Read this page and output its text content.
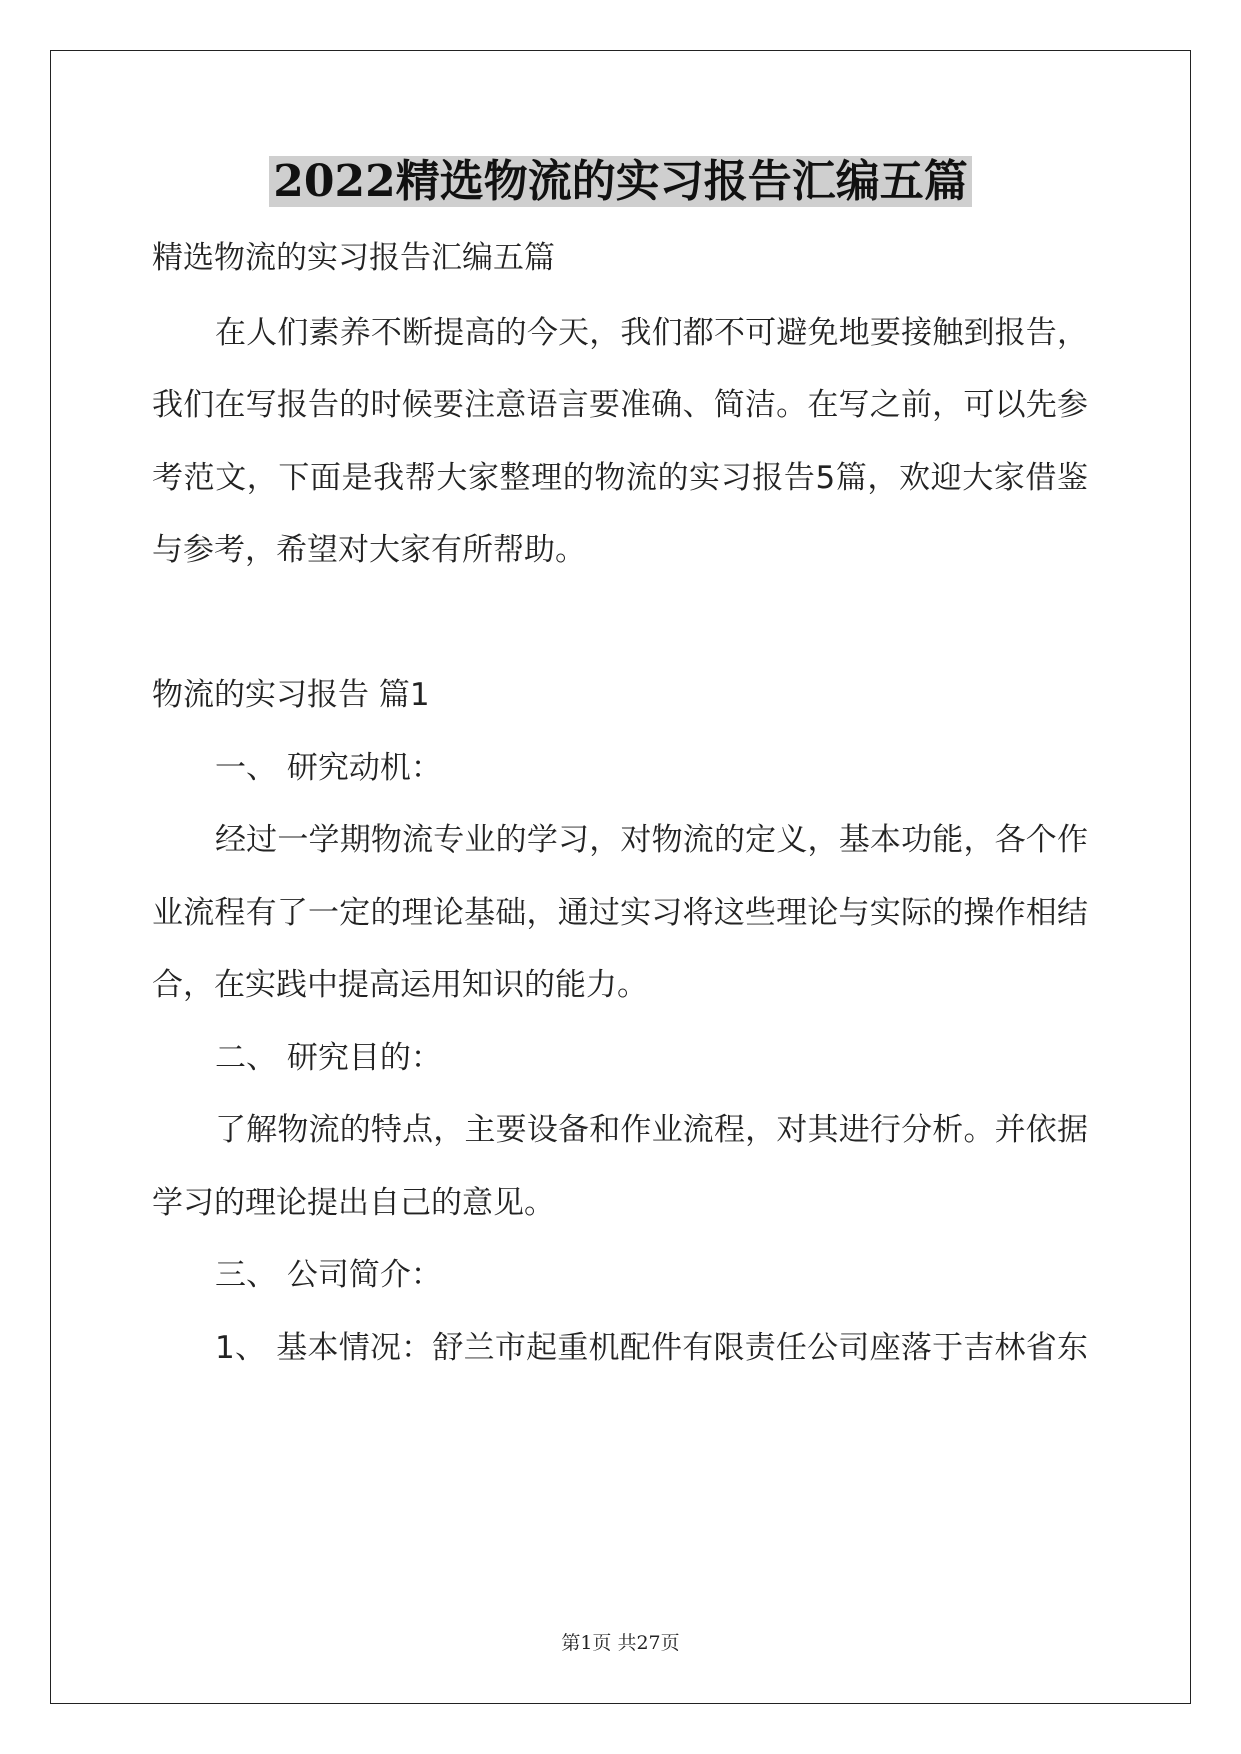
2022精选物流的实习报告汇编五篇
精选物流的实习报告汇编五篇
在人们素养不断提高的今天，我们都不可避免地要接触到报告，
我们在写报告的时候要注意语言要准确、简洁。在写之前，可以先参
考范文，下面是我帮大家整理的物流的实习报告5篇，欢迎大家借鉴
与参考，希望对大家有所帮助。
物流的实习报告 篇1
一、 研究动机：
经过一学期物流专业的学习，对物流的定义，基本功能，各个作
业流程有了一定的理论基础，通过实习将这些理论与实际的操作相结
合，在实践中提高运用知识的能力。
二、 研究目的：
了解物流的特点，主要设备和作业流程，对其进行分析。并依据
学习的理论提出自己的意见。
三、 公司简介：
1、 基本情况：舒兰市起重机配件有限责任公司座落于吉林省东
第1页 共27页
